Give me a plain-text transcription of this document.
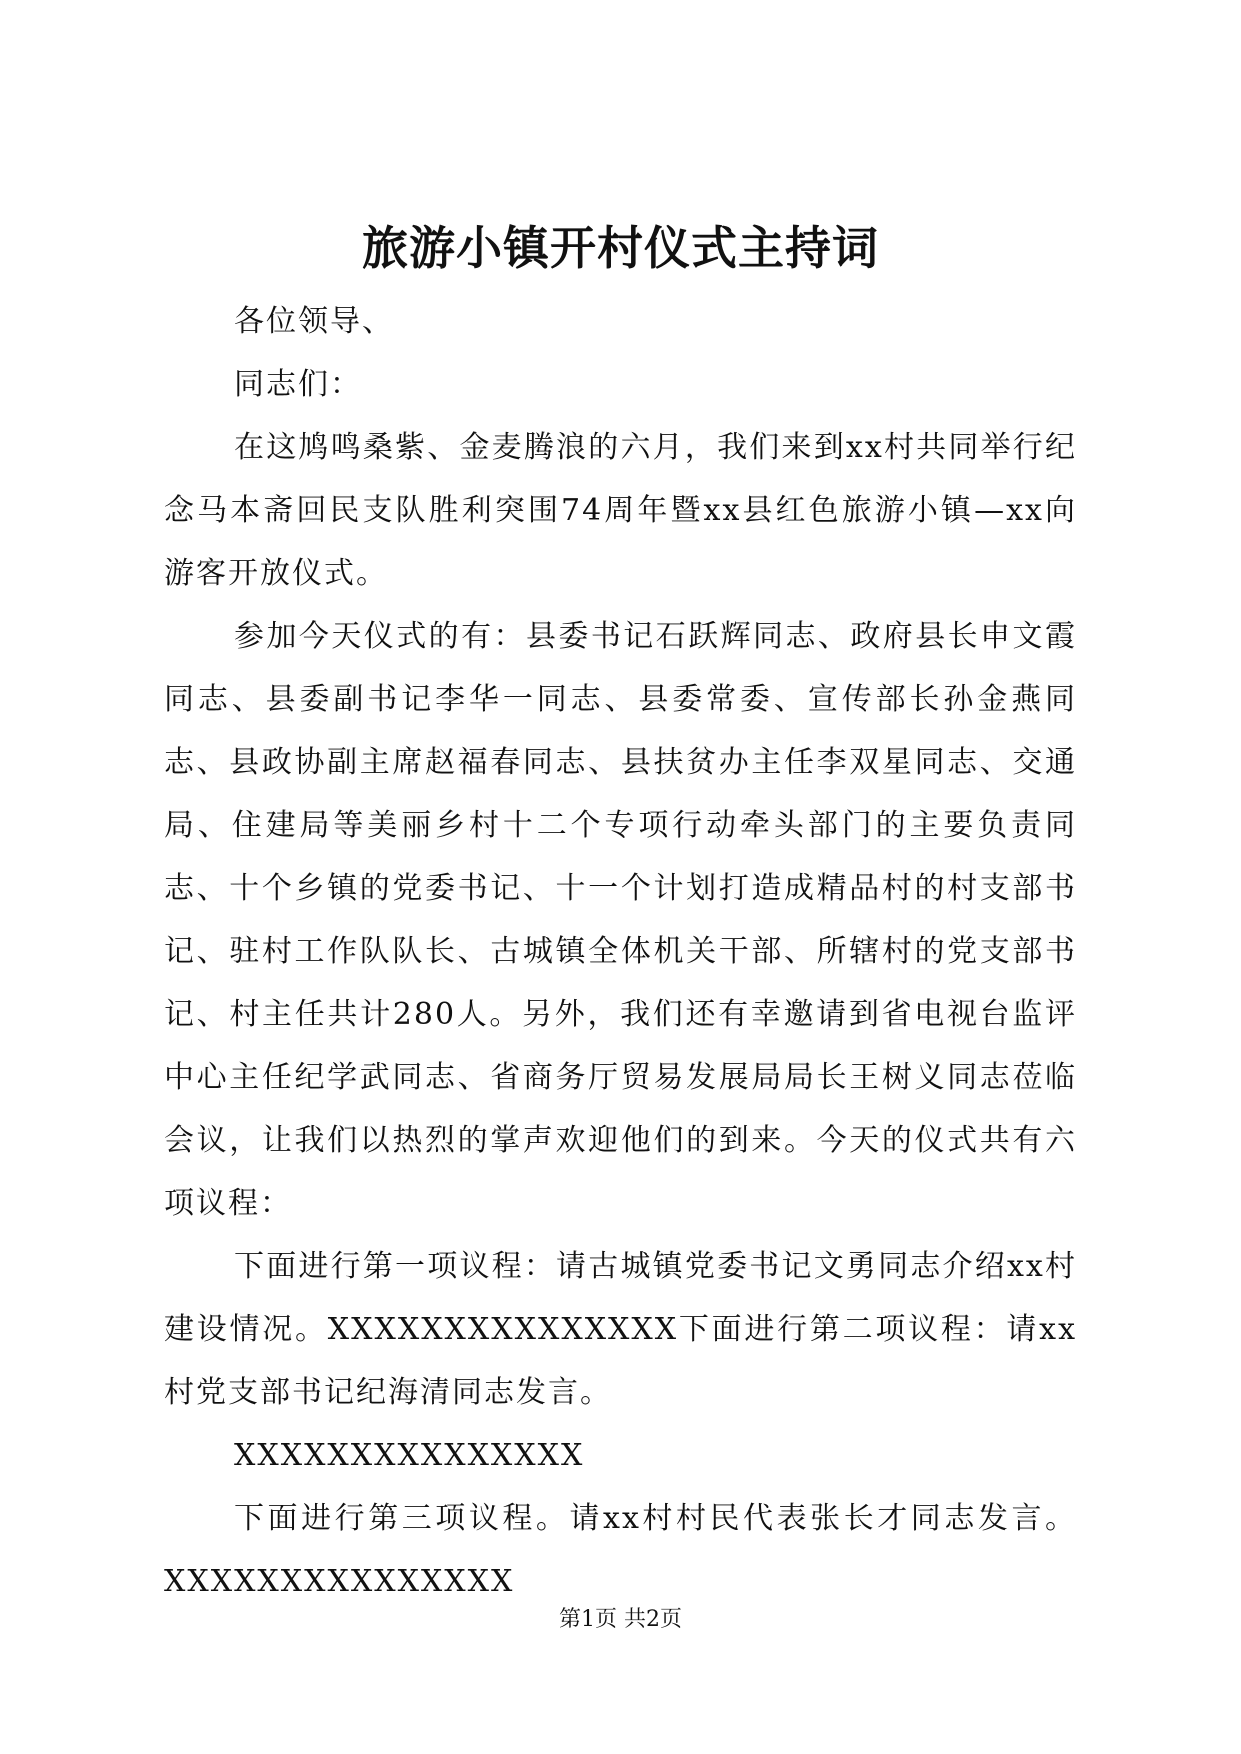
旅游小镇开村仪式主持词

各位领导、

同志们：

在这鸠鸣桑紫、金麦腾浪的六月，我们来到xx村共同举行纪念马本斋回民支队胜利突围74周年暨xx县红色旅游小镇—xx向游客开放仪式。

参加今天仪式的有：县委书记石跃辉同志、政府县长申文霞同志、县委副书记李华一同志、县委常委、宣传部长孙金燕同志、县政协副主席赵福春同志、县扶贫办主任李双星同志、交通局、住建局等美丽乡村十二个专项行动牵头部门的主要负责同志、十个乡镇的党委书记、十一个计划打造成精品村的村支部书记、驻村工作队队长、古城镇全体机关干部、所辖村的党支部书记、村主任共计280人。另外，我们还有幸邀请到省电视台监评中心主任纪学武同志、省商务厅贸易发展局局长王树义同志莅临会议，让我们以热烈的掌声欢迎他们的到来。今天的仪式共有六项议程：

下面进行第一项议程：请古城镇党委书记文勇同志介绍xx村建设情况。XXXXXXXXXXXXXXX下面进行第二项议程：请xx村党支部书记纪海清同志发言。

XXXXXXXXXXXXXXX

下面进行第三项议程。请xx村村民代表张长才同志发言。XXXXXXXXXXXXXXX

第1页 共2页
